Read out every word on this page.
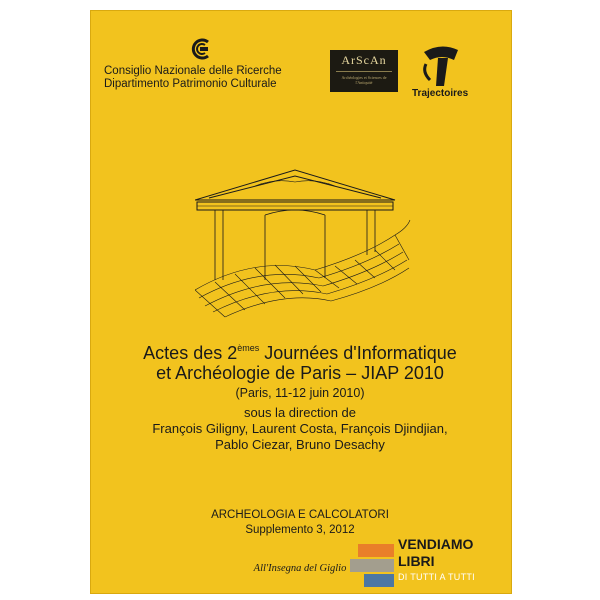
Consiglio Nazionale delle Ricerche
Dipartimento Patrimonio Culturale
ArScAn
Archéologies et Sciences de l'Antiquité
Trajectoires
Actes des 2èmes Journées d'Informatique
et Archéologie de Paris – JIAP 2010
(Paris, 11-12 juin 2010)
sous la direction de
François Giligny, Laurent Costa, François Djindjian,
Pablo Ciezar, Bruno Desachy
ARCHEOLOGIA E CALCOLATORI
Supplemento 3, 2012
All'Insegna del Giglio
VENDIAMO
LIBRI
DI TUTTI A TUTTI
